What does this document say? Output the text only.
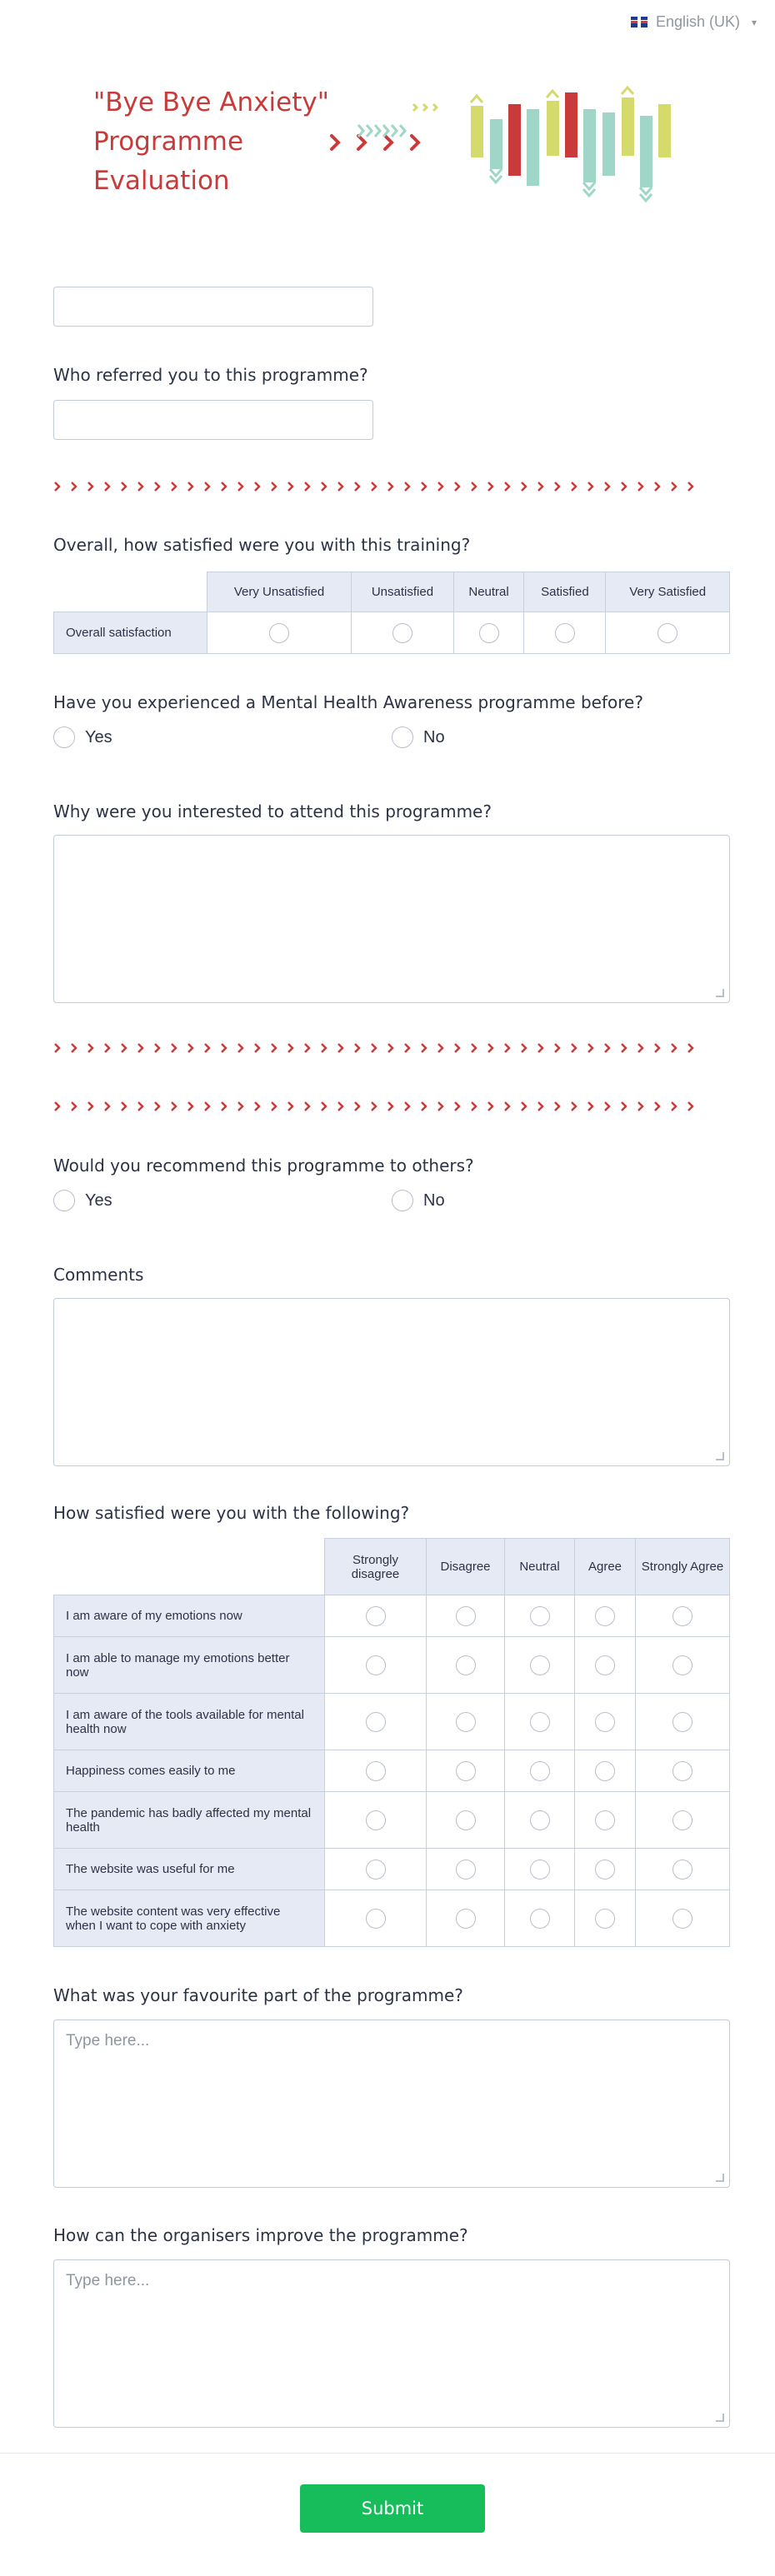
English (UK) ▾
"Bye Bye Anxiety"
Programme
Evaluation
Who referred you to this programme?
Overall, how satisfied were you with this training?
	Very Unsatisfied	Unsatisfied	Neutral	Satisfied	Very Satisfied
Overall satisfaction					
Have you experienced a Mental Health Awareness programme before?
Yes	No
Why were you interested to attend this programme?
Would you recommend this programme to others?
Yes	No
Comments
How satisfied were you with the following?
	Strongly disagree	Disagree	Neutral	Agree	Strongly Agree
I am aware of my emotions now					
I am able to manage my emotions better now					
I am aware of the tools available for mental health now					
Happiness comes easily to me					
The pandemic has badly affected my mental health					
The website was useful for me					
The website content was very effective when I want to cope with anxiety					
What was your favourite part of the programme?
Type here...
How can the organisers improve the programme?
Type here...
Submit
